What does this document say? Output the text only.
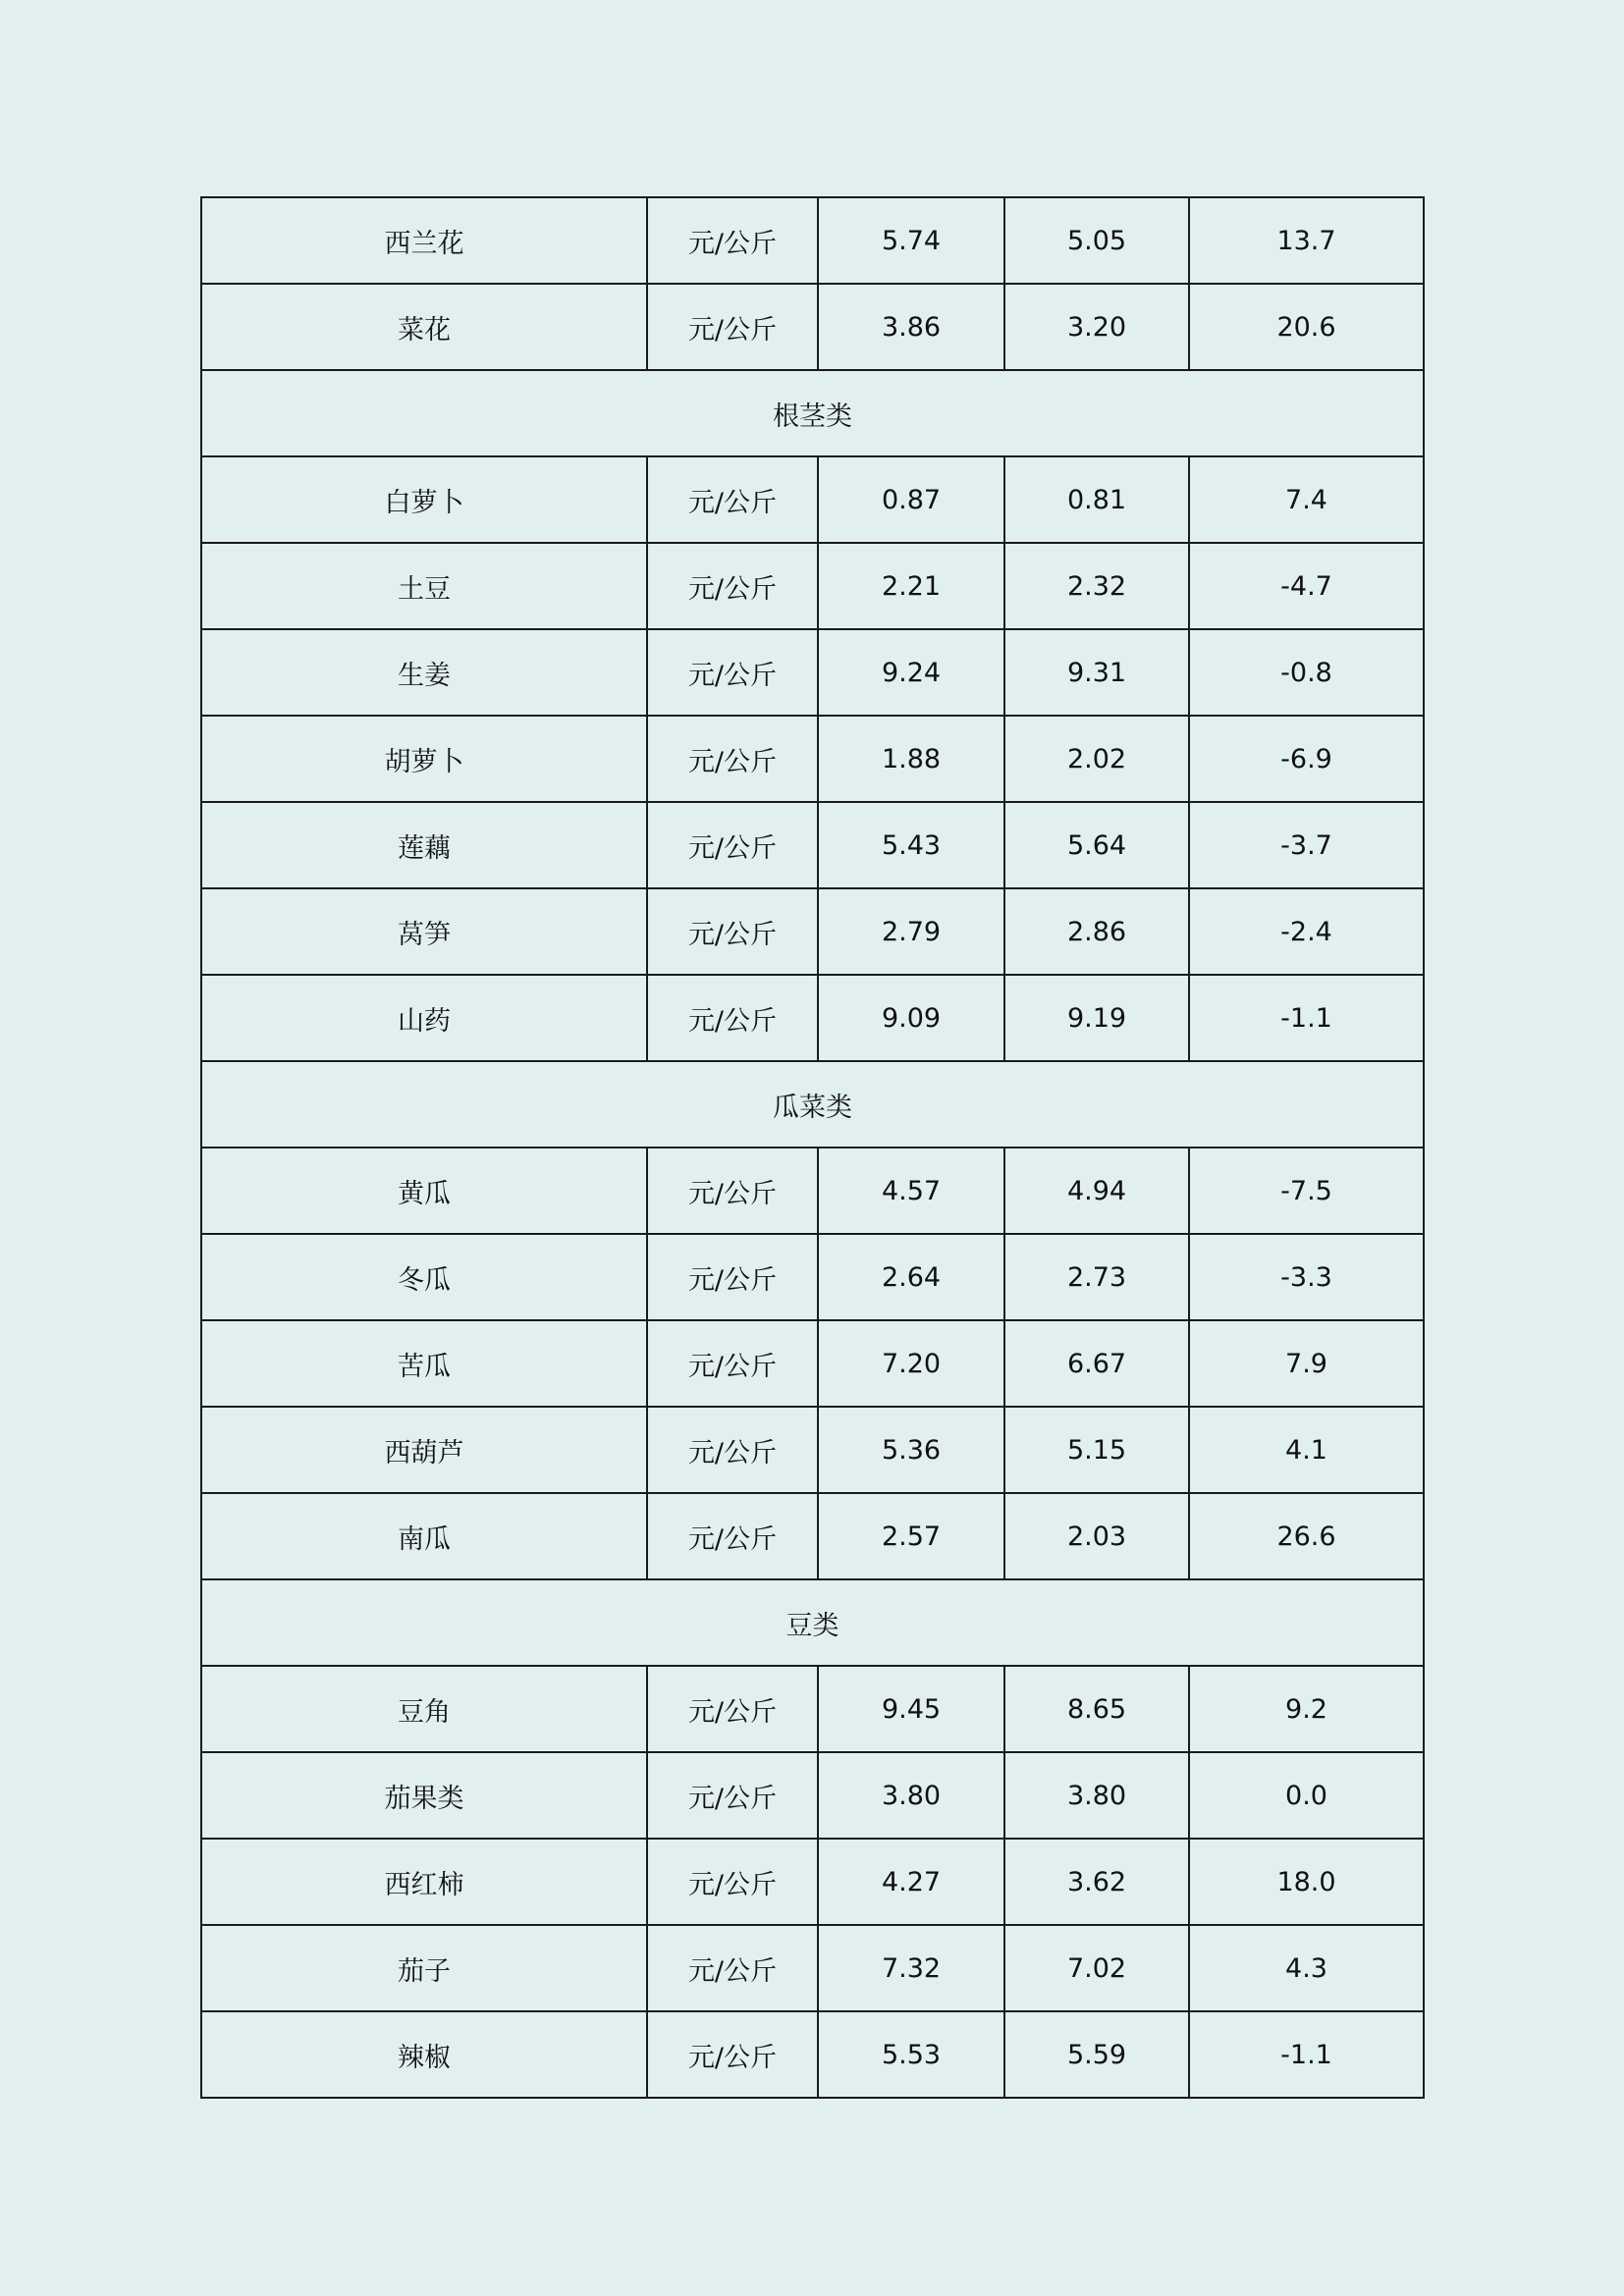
西兰花	元/公斤	5.74	5.05	13.7
菜花	元/公斤	3.86	3.20	20.6
根茎类				
白萝卜	元/公斤	0.87	0.81	7.4
土豆	元/公斤	2.21	2.32	-4.7
生姜	元/公斤	9.24	9.31	-0.8
胡萝卜	元/公斤	1.88	2.02	-6.9
莲藕	元/公斤	5.43	5.64	-3.7
莴笋	元/公斤	2.79	2.86	-2.4
山药	元/公斤	9.09	9.19	-1.1
瓜菜类				
黄瓜	元/公斤	4.57	4.94	-7.5
冬瓜	元/公斤	2.64	2.73	-3.3
苦瓜	元/公斤	7.20	6.67	7.9
西葫芦	元/公斤	5.36	5.15	4.1
南瓜	元/公斤	2.57	2.03	26.6
豆类				
豆角	元/公斤	9.45	8.65	9.2
茄果类	元/公斤	3.80	3.80	0.0
西红柿	元/公斤	4.27	3.62	18.0
茄子	元/公斤	7.32	7.02	4.3
辣椒	元/公斤	5.53	5.59	-1.1
